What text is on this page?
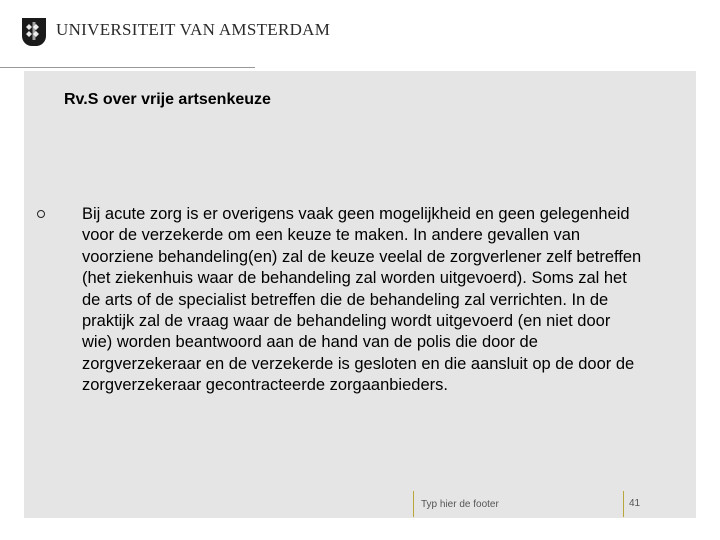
UNIVERSITEIT VAN AMSTERDAM
Rv.S over vrije artsenkeuze
Bij acute zorg is er overigens vaak geen mogelijkheid en geen gelegenheid voor de verzekerde om een keuze te maken. In andere gevallen van voorziene behandeling(en) zal de keuze veelal de zorgverlener zelf betreffen (het ziekenhuis waar de behandeling zal worden uitgevoerd). Soms zal het de arts of de specialist betreffen die de behandeling zal verrichten. In de praktijk zal de vraag waar de behandeling wordt uitgevoerd (en niet door wie) worden beantwoord aan de hand van de polis die door de zorgverzekeraar en de verzekerde is gesloten en die aansluit op de door de zorgverzekeraar gecontracteerde zorgaanbieders.
Typ hier de footer	41
